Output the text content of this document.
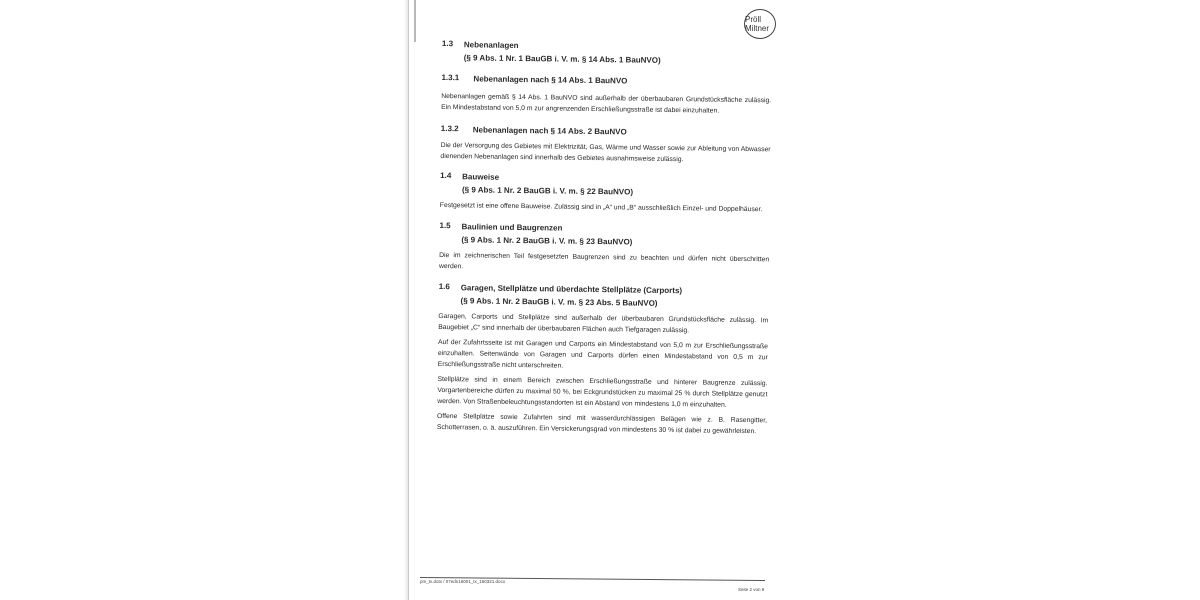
Pröll
Miltner
1.3 Nebenanlagen
(§ 9 Abs. 1 Nr. 1 BauGB i. V. m. § 14 Abs. 1 BauNVO)
1.3.1 Nebenanlagen nach § 14 Abs. 1 BauNVO

Nebenanlagen gemäß § 14 Abs. 1 BauNVO sind außerhalb der überbaubaren Grundstücksfläche zulässig. Ein Mindestabstand von 5,0 m zur angrenzenden Erschließungsstraße ist dabei einzuhalten.

1.3.2 Nebenanlagen nach § 14 Abs. 2 BauNVO

Die der Versorgung des Gebietes mit Elektrizität, Gas, Wärme und Wasser sowie zur Ableitung von Abwasser dienenden Nebenanlagen sind innerhalb des Gebietes ausnahmsweise zulässig.

1.4 Bauweise
(§ 9 Abs. 1 Nr. 2 BauGB i. V. m. § 22 BauNVO)

Festgesetzt ist eine offene Bauweise. Zulässig sind in „A“ und „B“ ausschließlich Einzel- und Doppelhäuser.

1.5 Baulinien und Baugrenzen
(§ 9 Abs. 1 Nr. 2 BauGB i. V. m. § 23 BauNVO)

Die im zeichnerischen Teil festgesetzten Baugrenzen sind zu beachten und dürfen nicht überschritten werden.

1.6 Garagen, Stellplätze und überdachte Stellplätze (Carports)
(§ 9 Abs. 1 Nr. 2 BauGB i. V. m. § 23 Abs. 5 BauNVO)

Garagen, Carports und Stellplätze sind außerhalb der überbaubaren Grundstücksfläche zulässig. Im Baugebiet „C“ sind innerhalb der überbaubaren Flächen auch Tiefgaragen zulässig.

Auf der Zufahrtsseite ist mit Garagen und Carports ein Mindestabstand von 5,0 m zur Erschließungsstraße einzuhalten. Seitenwände von Garagen und Carports dürfen einen Mindestabstand von 0,5 m zur Erschließungsstraße nicht unterschreiten.

Stellplätze sind in einem Bereich zwischen Erschließungsstraße und hinterer Baugrenze zulässig. Vorgartenbereiche dürfen zu maximal 50 %, bei Eckgrundstücken zu maximal 25 % durch Stellplätze genutzt werden. Von Straßenbeleuchtungsstandorten ist ein Abstand von mindestens 1,0 m einzuhalten.

Offene Stellplätze sowie Zufahrten sind mit wasserdurchlässigen Belägen wie z. B. Rasengitter, Schotterrasen, o. ä. auszuführen. Ein Versickerungsgrad von mindestens 30 % ist dabei zu gewährleisten.

pm_tx.dotx / 07edn16001_tx_160321.docx
Seite 2 von 9
